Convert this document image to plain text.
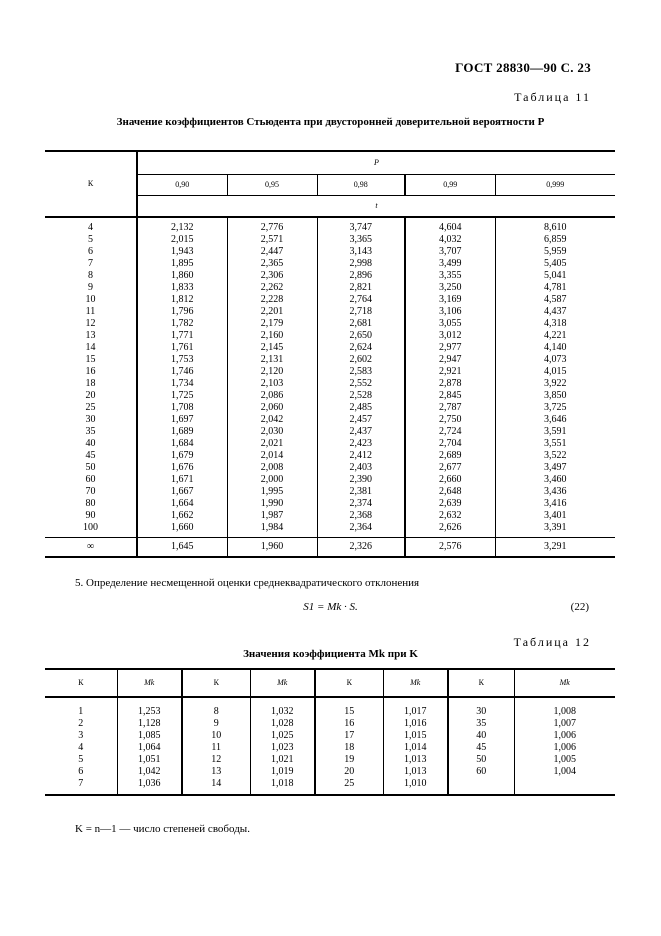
ГОСТ 28830—90 С. 23
Таблица 11
Значение коэффициентов Стьюдента при двусторонней доверительной вероятности P
К	P				
	0,90	0,95	0,98	0,99	0,999
	t				
4	2,132	2,776	3,747	4,604	8,610
5	2,015	2,571	3,365	4,032	6,859
6	1,943	2,447	3,143	3,707	5,959
7	1,895	2,365	2,998	3,499	5,405
8	1,860	2,306	2,896	3,355	5,041
9	1,833	2,262	2,821	3,250	4,781
10	1,812	2,228	2,764	3,169	4,587
11	1,796	2,201	2,718	3,106	4,437
12	1,782	2,179	2,681	3,055	4,318
13	1,771	2,160	2,650	3,012	4,221
14	1,761	2,145	2,624	2,977	4,140
15	1,753	2,131	2,602	2,947	4,073
16	1,746	2,120	2,583	2,921	4,015
18	1,734	2,103	2,552	2,878	3,922
20	1,725	2,086	2,528	2,845	3,850
25	1,708	2,060	2,485	2,787	3,725
30	1,697	2,042	2,457	2,750	3,646
35	1,689	2,030	2,437	2,724	3,591
40	1,684	2,021	2,423	2,704	3,551
45	1,679	2,014	2,412	2,689	3,522
50	1,676	2,008	2,403	2,677	3,497
60	1,671	2,000	2,390	2,660	3,460
70	1,667	1,995	2,381	2,648	3,436
80	1,664	1,990	2,374	2,639	3,416
90	1,662	1,987	2,368	2,632	3,401
100	1,660	1,984	2,364	2,626	3,391
∞	1,645	1,960	2,326	2,576	3,291
5. Определение несмещенной оценки среднеквадратического отклонения
S1 = Mk · S.	(22)
Таблица 12
Значения коэффициента Mk при K
К	Mk	К	Mk	К	Mk	К	Mk
1	1,253	8	1,032	15	1,017	30	1,008
2	1,128	9	1,028	16	1,016	35	1,007
3	1,085	10	1,025	17	1,015	40	1,006
4	1,064	11	1,023	18	1,014	45	1,006
5	1,051	12	1,021	19	1,013	50	1,005
6	1,042	13	1,019	20	1,013	60	1,004
7	1,036	14	1,018	25	1,010		
K = n—1 — число степеней свободы.
